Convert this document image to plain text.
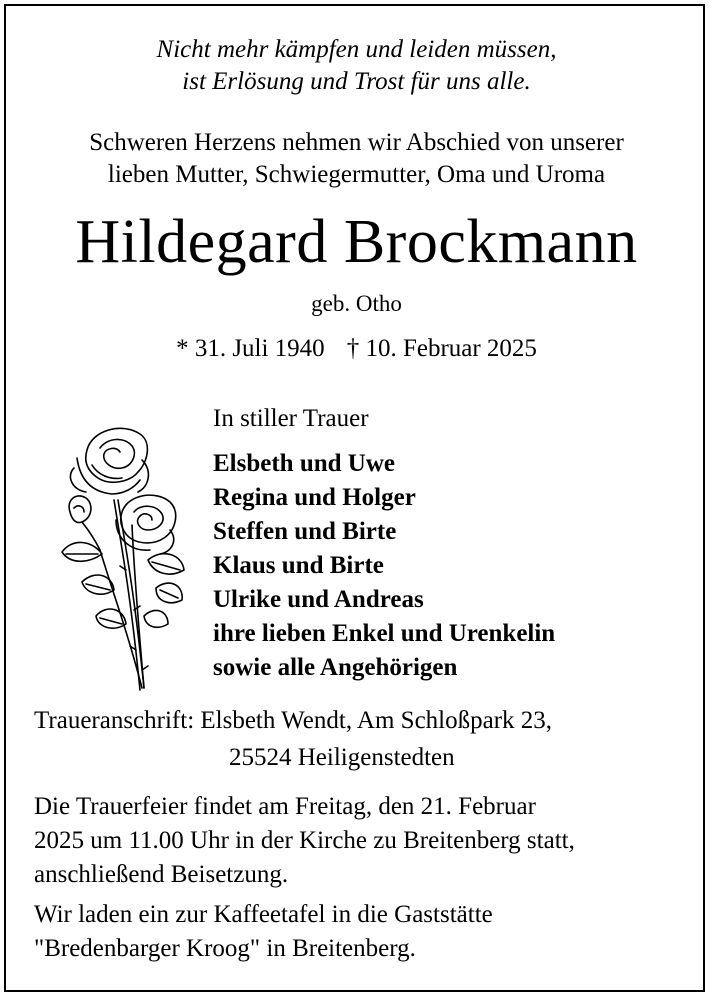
Nicht mehr kämpfen und leiden müssen,
ist Erlösung und Trost für uns alle.
Schweren Herzens nehmen wir Abschied von unserer
lieben Mutter, Schwiegermutter, Oma und Uroma
Hildegard Brockmann
geb. Otho
* 31. Juli 1940 † 10. Februar 2025
In stiller Trauer
Elsbeth und Uwe
Regina und Holger
Steffen und Birte
Klaus und Birte
Ulrike und Andreas
ihre lieben Enkel und Urenkelin
sowie alle Angehörigen
Traueranschrift: Elsbeth Wendt, Am Schloßpark 23,
25524 Heiligenstedten
Die Trauerfeier findet am Freitag, den 21. Februar
2025 um 11.00 Uhr in der Kirche zu Breitenberg statt,
anschließend Beisetzung.
Wir laden ein zur Kaffeetafel in die Gaststätte
"Bredenbarger Kroog" in Breitenberg.
